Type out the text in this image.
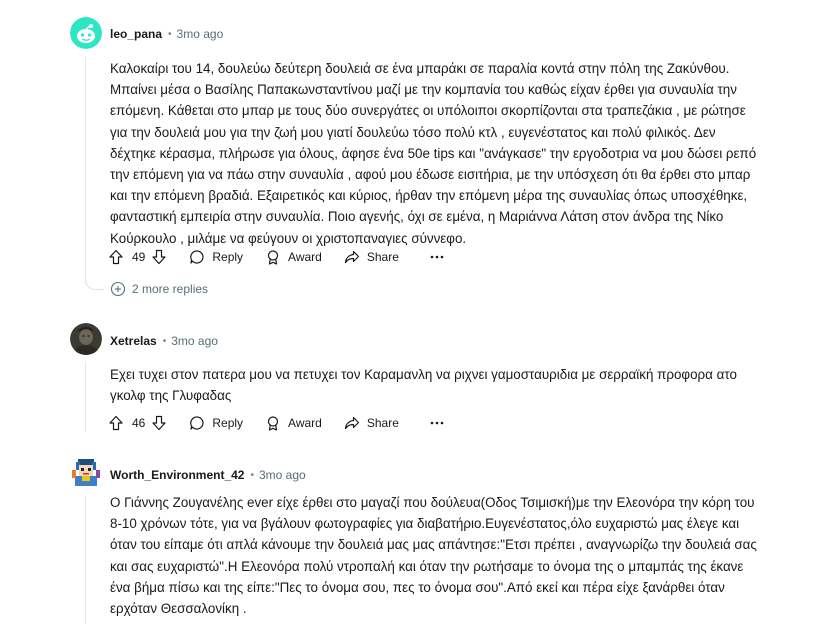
leo_pana • 3mo ago

Καλοκαίρι του 14, δουλεύω δεύτερη δουλειά σε ένα μπαράκι σε παραλία κοντά στην πόλη της Ζακύνθου.

Μπαίνει μέσα ο Βασίλης Παπακωνσταντίνου μαζί με την κομπανία του καθώς είχαν έρθει για συναυλία την

επόμενη. Κάθεται στο μπαρ με τους δύο συνεργάτες οι υπόλοιποι σκορπίζονται στα τραπεζάκια , με ρώτησε

για την δουλειά μου για την ζωή μου γιατί δουλεύω τόσο πολύ κτλ , ευγενέστατος και πολύ φιλικός. Δεν

δέχτηκε κέρασμα, πλήρωσε για όλους, άφησε ένα 50e tips και "ανάγκασε" την εργοδοτρια να μου δώσει ρεπό

την επόμενη για να πάω στην συναυλία , αφού μου έδωσε εισιτήρια, με την υπόσχεση ότι θα έρθει στο μπαρ

και την επόμενη βραδιά. Εξαιρετικός και κύριος, ήρθαν την επόμενη μέρα της συναυλίας όπως υποσχέθηκε,

φανταστική εμπειρία στην συναυλία. Ποιο αγενής, όχι σε εμένα, η Μαριάννα Λάτση στον άνδρα της Νίκο

Κούρκουλο , μιλάμε να φεύγουν οι χριστοπαναγιες σύννεφο.

49	Reply	Award	Share
2 more replies
Xetrelas • 3mo ago

Εχει τυχει στον πατερα μου να πετυχει τον Καραμανλη να ριχνει γαμοσταυριδια με σερραϊκή προφορα ατο

γκολφ της Γλυφαδας

46	Reply	Award	Share
Worth_Environment_42 • 3mo ago

Ο Γιάννης Ζουγανέλης ever είχε έρθει στο μαγαζί που δούλευα(Οδος Τσιμισκή)με την Ελεονόρα την κόρη του

8-10 χρόνων τότε, για να βγάλουν φωτογραφίες για διαβατήριο.Ευγενέστατος,όλο ευχαριστώ μας έλεγε και

όταν του είπαμε ότι απλά κάνουμε την δουλειά μας μας απάντησε:"Ετσι πρέπει , αναγνωρίζω την δουλειά σας

και σας ευχαριστώ".Η Ελεονόρα πολύ ντροπαλή και όταν την ρωτήσαμε το όνομα της ο μπαμπάς της έκανε

ένα βήμα πίσω και της είπε:"Πες το όνομα σου, πες το όνομα σου".Από εκεί και πέρα είχε ξανάρθει όταν

ερχόταν Θεσσαλονίκη .
